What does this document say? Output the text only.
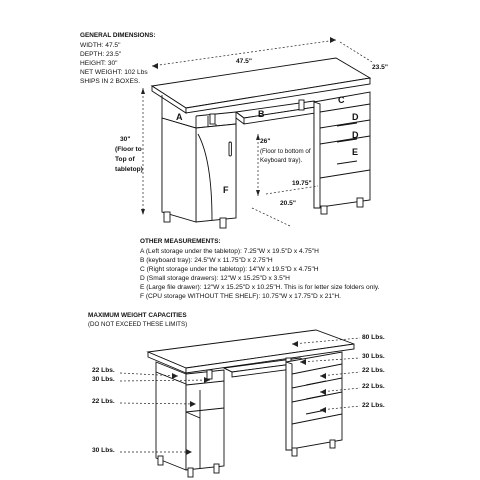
GENERAL DIMENSIONS:
WIDTH: 47.5"
DEPTH: 23.5"
HEIGHT: 30"
NET WEIGHT: 102 Lbs
SHIPS IN 2 BOXES.
47.5"
23.5"
30"
(Floor to
Top of
tabletop)
26"
(Floor to bottom of
Keyboard tray).
19.75"
20.5"
A	B
C
D
D
E
F
OTHER MEASUREMENTS:
A (Left storage under the tabletop): 7.25"W x 19.5"D x 4.75"H
B (keyboard tray): 24.5"W x 11.75"D x 2.75"H
C (Right storage under the tabletop): 14"W x 19.5"D x 4.75"H
D (Small storage drawers): 12"W x 15.25"D x 3.5"H
E (Large file drawer): 12"W x 15.25"D x 10.25"H. This is for letter size folders only.
F (CPU storage WITHOUT THE SHELF): 10.75"W x 17.75"D x 21"H.
MAXIMUM WEIGHT CAPACITIES
(DO NOT EXCEED THESE LIMITS)
80 Lbs.
30 Lbs.
22 Lbs.
22 Lbs.
22 Lbs.
22 Lbs.
30 Lbs.
22 Lbs.
30 Lbs.
